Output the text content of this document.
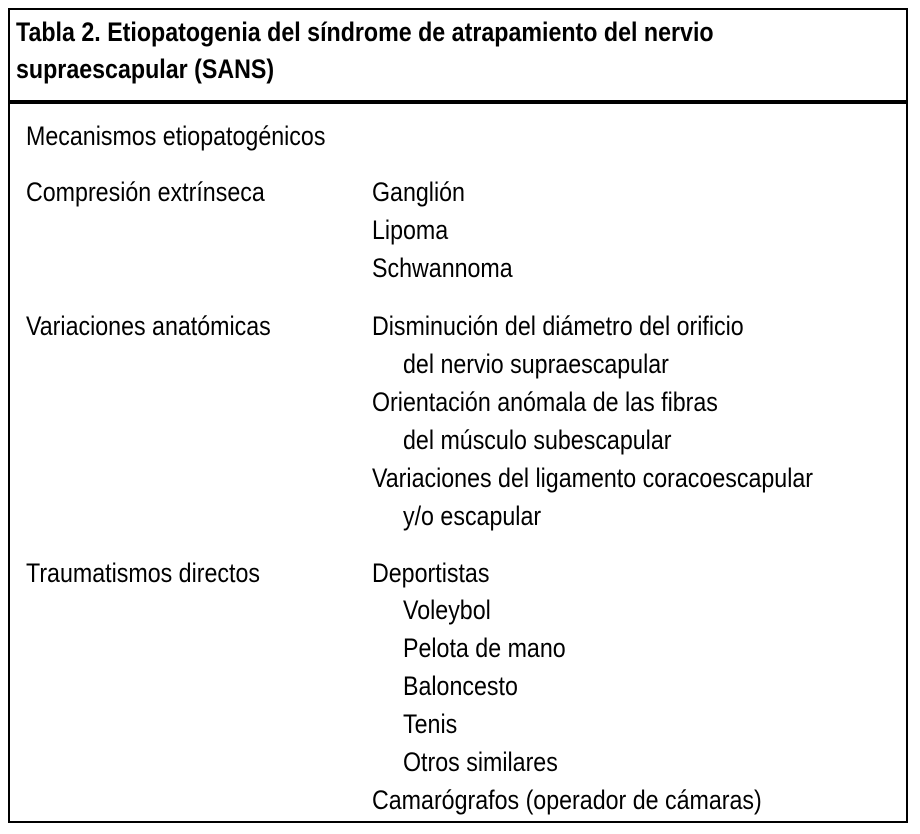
Tabla 2. Etiopatogenia del síndrome de atrapamiento del nervio
supraescapular (SANS)
Mecanismos etiopatogénicos
Compresión extrínseca	Ganglión
Lipoma
Schwannoma
Variaciones anatómicas	Disminución del diámetro del orificio
del nervio supraescapular
Orientación anómala de las fibras
del músculo subescapular
Variaciones del ligamento coracoescapular
y/o escapular
Traumatismos directos	Deportistas
Voleybol
Pelota de mano
Baloncesto
Tenis
Otros similares
Camarógrafos (operador de cámaras)
